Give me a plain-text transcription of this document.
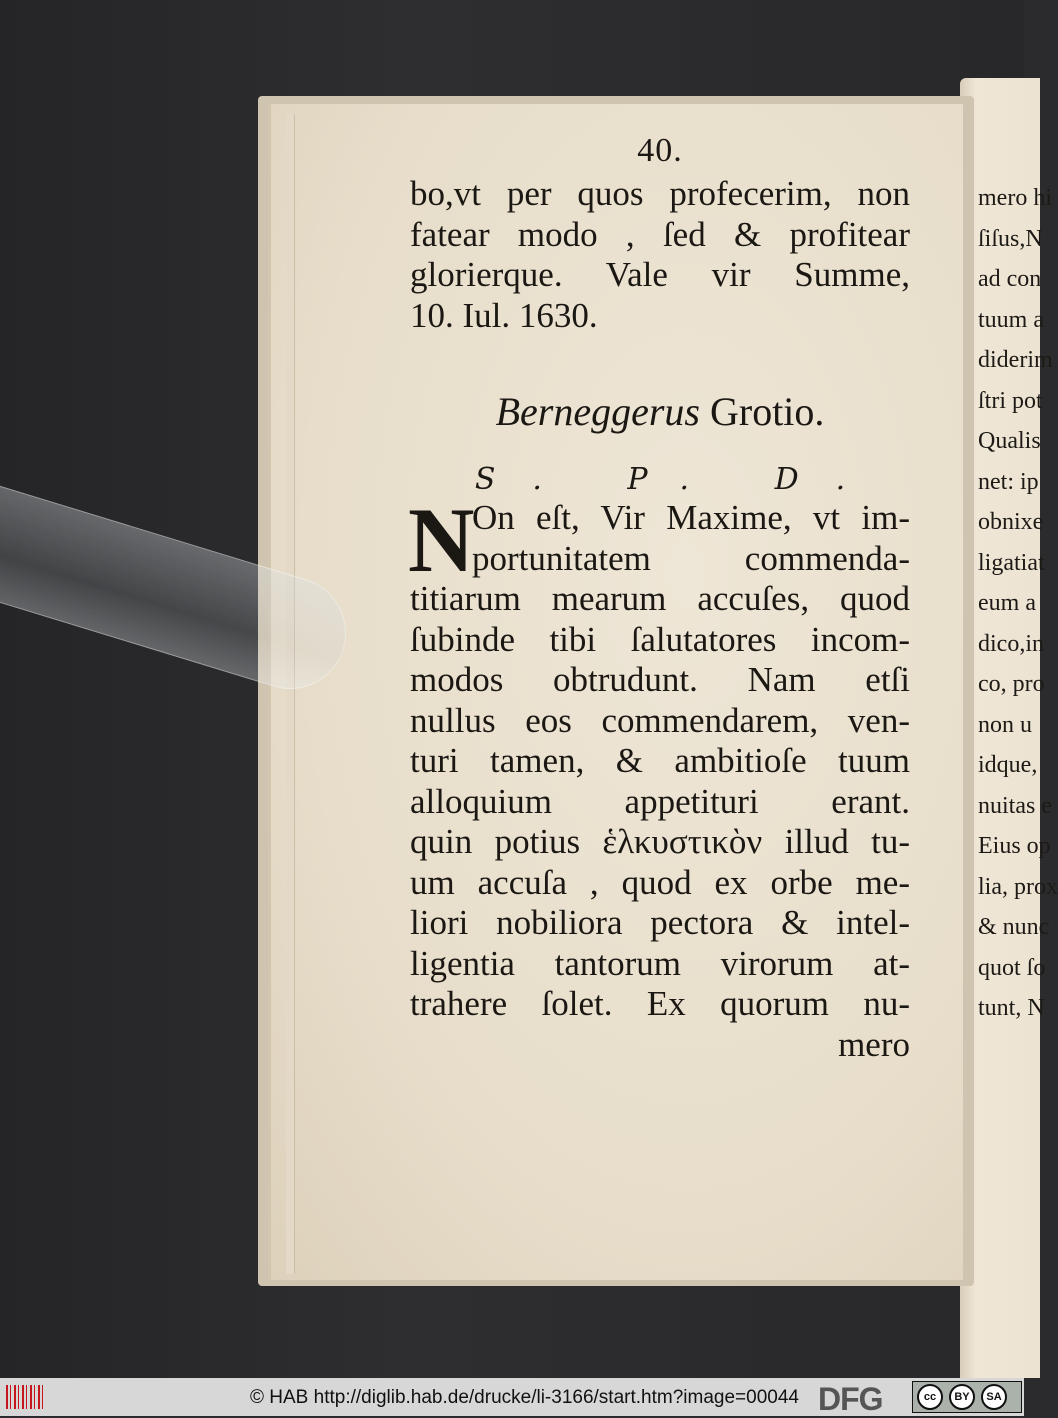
mero hi
ſiſus,N
ad con
tuum a
diderim
ſtri pot
Qualis
net: ip
obnixe
ligatiat
eum a
dico,in
co, pro
non u
idque,
nuitas e
Eius op
lia, prox
& nunc
quot ſo
tunt, N
40.
bo,vt per quos profecerim, non
fatear modo , ſed & profitear
glorierque. Vale vir Summe,
10. Iul. 1630.
Berneggerus Grotio.
S. P. D.
N
On eſt, Vir Maxime, vt im-
portunitatem commenda-
titiarum mearum accuſes, quod
ſubinde tibi ſalutatores incom-
modos obtrudunt. Nam etſi
nullus eos commendarem, ven-
turi tamen, & ambitioſe tuum
alloquium appetituri erant.
quin potius ἑλκυστικὸν illud tu-
um accuſa , quod ex orbe me-
liori nobiliora pectora & intel-
ligentia tantorum virorum at-
trahere ſolet. Ex quorum nu-
mero
© HAB http://diglib.hab.de/drucke/li-3166/start.htm?image=00044 DFG	cc	BY	SA
